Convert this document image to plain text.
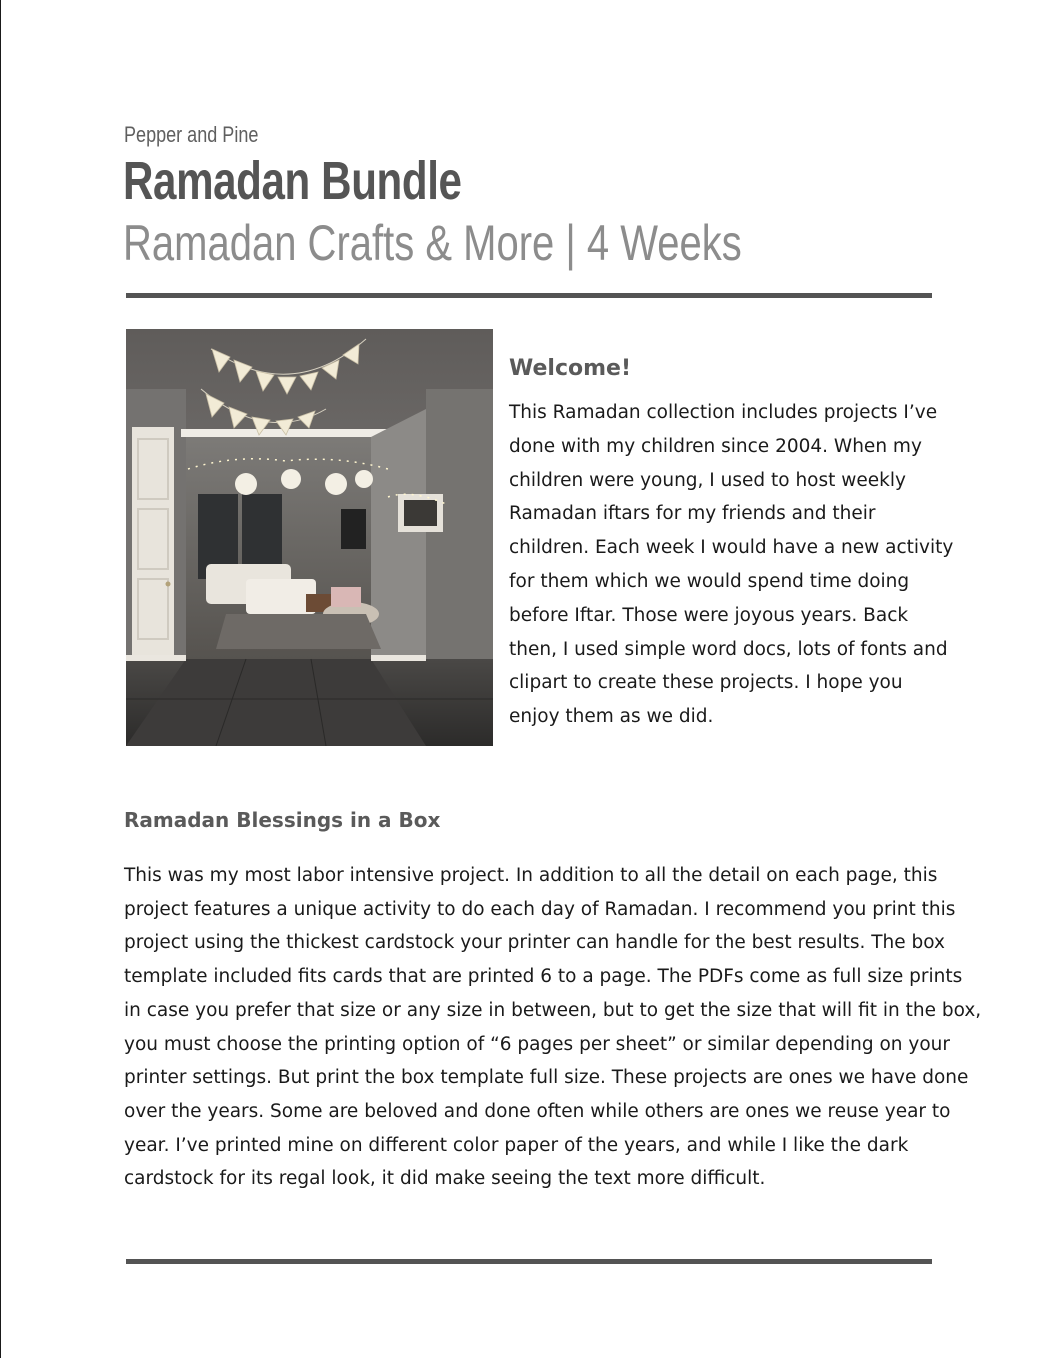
Pepper and Pine
Ramadan Bundle
Ramadan Crafts & More | 4 Weeks
Welcome!
This Ramadan collection includes projects I’ve
done with my children since 2004. When my
children were young, I used to host weekly
Ramadan iftars for my friends and their
children. Each week I would have a new activity
for them which we would spend time doing
before Iftar. Those were joyous years. Back
then, I used simple word docs, lots of fonts and
clipart to create these projects. I hope you
enjoy them as we did.
Ramadan Blessings in a Box
This was my most labor intensive project. In addition to all the detail on each page, this
project features a unique activity to do each day of Ramadan. I recommend you print this
project using the thickest cardstock your printer can handle for the best results. The box
template included fits cards that are printed 6 to a page. The PDFs come as full size prints
in case you prefer that size or any size in between, but to get the size that will fit in the box,
you must choose the printing option of “6 pages per sheet” or similar depending on your
printer settings. But print the box template full size. These projects are ones we have done
over the years. Some are beloved and done often while others are ones we reuse year to
year. I’ve printed mine on different color paper of the years, and while I like the dark
cardstock for its regal look, it did make seeing the text more difficult.
